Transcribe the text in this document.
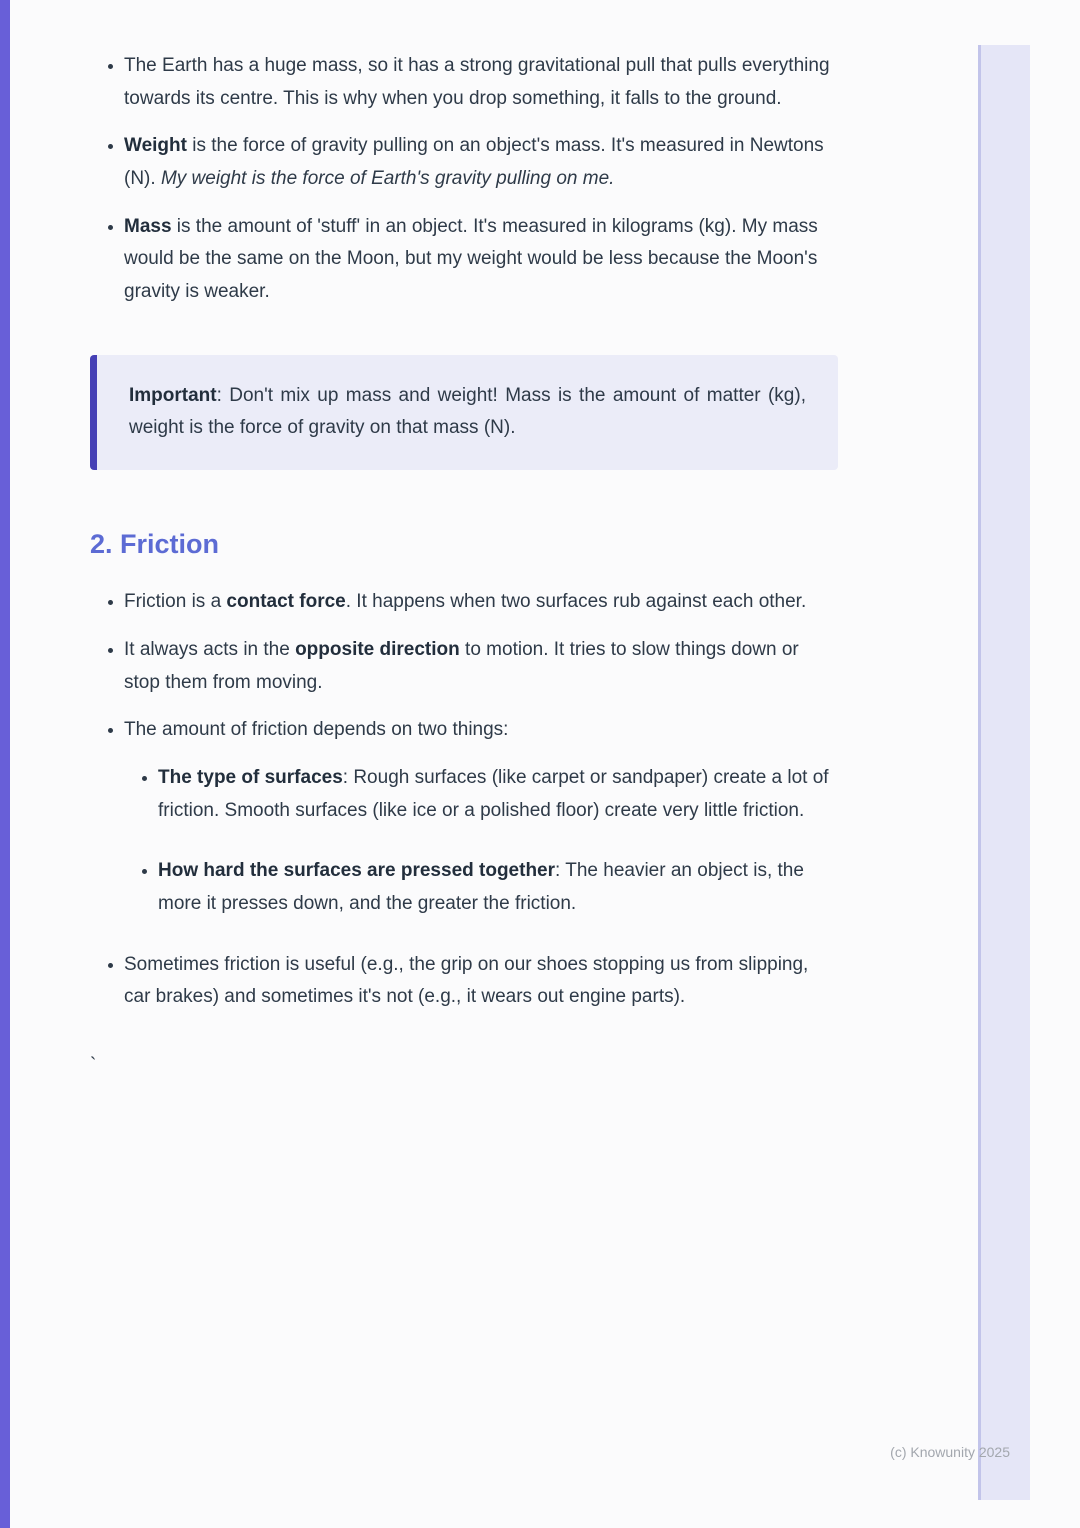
• The Earth has a huge mass, so it has a strong gravitational pull that pulls everything towards its centre. This is why when you drop something, it falls to the ground.
• Weight is the force of gravity pulling on an object's mass. It's measured in Newtons (N). My weight is the force of Earth's gravity pulling on me.
• Mass is the amount of 'stuff' in an object. It's measured in kilograms (kg). My mass would be the same on the Moon, but my weight would be less because the Moon's gravity is weaker.
Important: Don't mix up mass and weight! Mass is the amount of matter (kg), weight is the force of gravity on that mass (N).
2. Friction
• Friction is a contact force. It happens when two surfaces rub against each other.
• It always acts in the opposite direction to motion. It tries to slow things down or stop them from moving.
• The amount of friction depends on two things:
• The type of surfaces: Rough surfaces (like carpet or sandpaper) create a lot of friction. Smooth surfaces (like ice or a polished floor) create very little friction.
• How hard the surfaces are pressed together: The heavier an object is, the more it presses down, and the greater the friction.
• Sometimes friction is useful (e.g., the grip on our shoes stopping us from slipping, car brakes) and sometimes it's not (e.g., it wears out engine parts).
`
(c) Knowunity 2025
